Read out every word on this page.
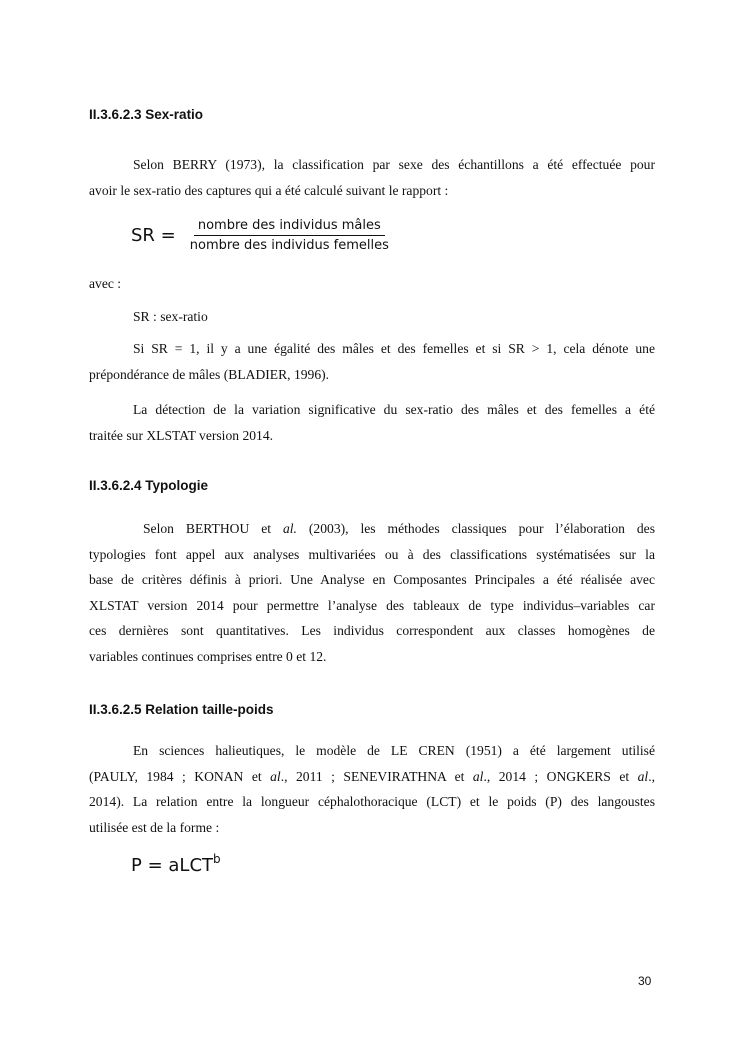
II.3.6.2.3 Sex-ratio
Selon BERRY (1973), la classification par sexe des échantillons a été effectuée pour
avoir le sex-ratio des captures qui a été calculé suivant le rapport :
SR = $\frac{\text{nombre des individus mâles}}{\text{nombre des individus femelles}}$
avec :
SR : sex-ratio
Si SR = 1, il y a une égalité des mâles et des femelles et si SR > 1, cela dénote une
prépondérance de mâles (BLADIER, 1996).
La détection de la variation significative du sex-ratio des mâles et des femelles a été
traitée sur XLSTAT version 2014.
II.3.6.2.4 Typologie
Selon BERTHOU et al. (2003), les méthodes classiques pour l’élaboration des
typologies font appel aux analyses multivariées ou à des classifications systématisées sur la
base de critères définis à priori. Une Analyse en Composantes Principales a été réalisée avec
XLSTAT version 2014 pour permettre l’analyse des tableaux de type individus–variables car
ces dernières sont quantitatives. Les individus correspondent aux classes homogènes de
variables continues comprises entre 0 et 12.
II.3.6.2.5 Relation taille-poids
En sciences halieutiques, le modèle de LE CREN (1951) a été largement utilisé
(PAULY, 1984 ; KONAN et al., 2011 ; SENEVIRATHNA et al., 2014 ; ONGKERS et al.,
2014). La relation entre la longueur céphalothoracique (LCT) et le poids (P) des langoustes
utilisée est de la forme :
P = aLCT$^b$
30
